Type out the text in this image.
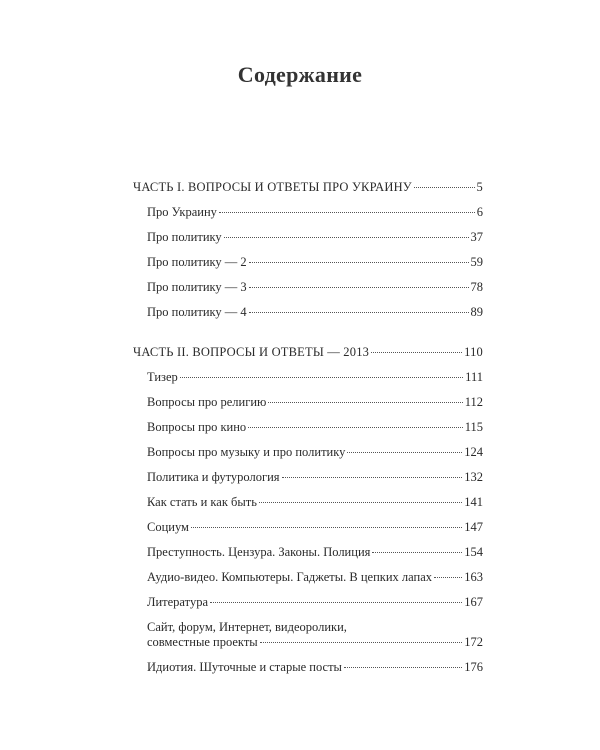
Содержание
ЧАСТЬ I. ВОПРОСЫ И ОТВЕТЫ ПРО УКРАИНУ	5
Про Украину	6
Про политику	37
Про политику — 2	59
Про политику — 3	78
Про политику — 4	89
ЧАСТЬ II. ВОПРОСЫ И ОТВЕТЫ — 2013	110
Тизер	111
Вопросы про религию	112
Вопросы про кино	115
Вопросы про музыку и про политику	124
Политика и футурология	132
Как стать и как быть	141
Социум	147
Преступность. Цензура. Законы. Полиция	154
Аудио-видео. Компьютеры. Гаджеты. В цепких лапах	163
Литература	167
Сайт, форум, Интернет, видеоролики,
совместные проекты	172
Идиотия. Шуточные и старые посты	176
